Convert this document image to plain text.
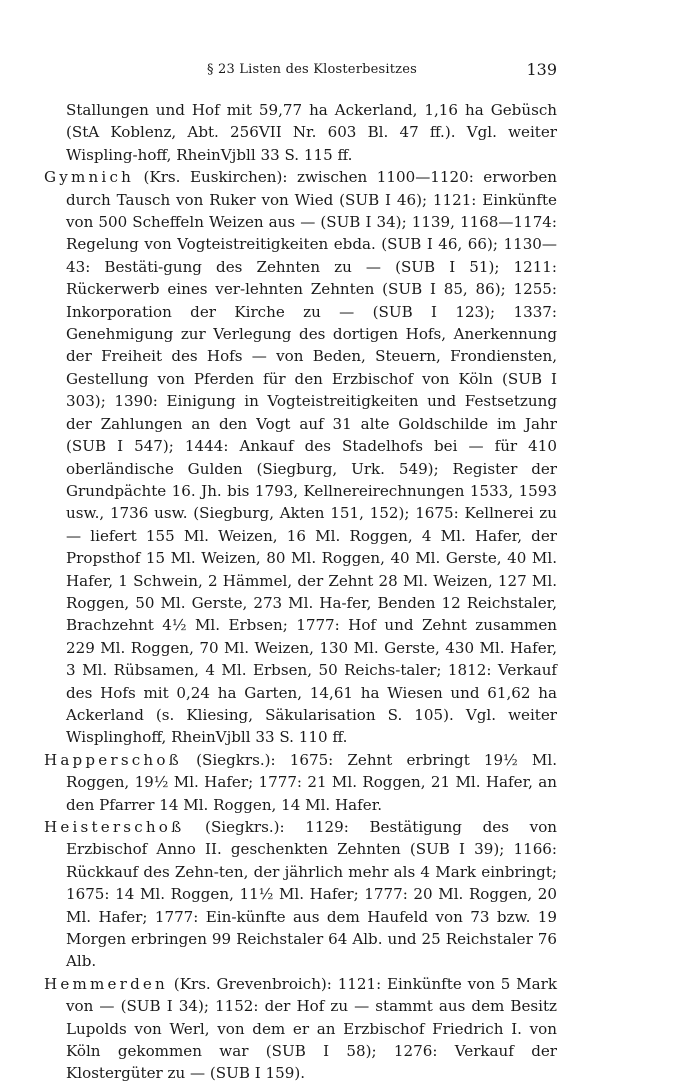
§ 23 Listen des Klosterbesitzes	139

Stallungen und Hof mit 59,77 ha Ackerland, 1,16 ha Gebüsch (StA Koblenz, Abt. 256VII Nr. 603 Bl. 47 ff.). Vgl. weiter Wispling-hoff, RheinVjbll 33 S. 115 ff.

Gymnich (Krs. Euskirchen): zwischen 1100—1120: erworben durch Tausch von Ruker von Wied (SUB I 46); 1121: Einkünfte von 500 Scheffeln Weizen aus — (SUB I 34); 1139, 1168—1174: Regelung von Vogteistreitigkeiten ebda. (SUB I 46, 66); 1130—43: Bestäti-gung des Zehnten zu — (SUB I 51); 1211: Rückerwerb eines ver-lehnten Zehnten (SUB I 85, 86); 1255: Inkorporation der Kirche zu — (SUB I 123); 1337: Genehmigung zur Verlegung des dortigen Hofs, Anerkennung der Freiheit des Hofs — von Beden, Steuern, Frondiensten, Gestellung von Pferden für den Erzbischof von Köln (SUB I 303); 1390: Einigung in Vogteistreitigkeiten und Festsetzung der Zahlungen an den Vogt auf 31 alte Goldschilde im Jahr (SUB I 547); 1444: Ankauf des Stadelhofs bei — für 410 oberländische Gulden (Siegburg, Urk. 549); Register der Grundpächte 16. Jh. bis 1793, Kellnereirechnungen 1533, 1593 usw., 1736 usw. (Siegburg, Akten 151, 152); 1675: Kellnerei zu — liefert 155 Ml. Weizen, 16 Ml. Roggen, 4 Ml. Hafer, der Propsthof 15 Ml. Weizen, 80 Ml. Roggen, 40 Ml. Gerste, 40 Ml. Hafer, 1 Schwein, 2 Hämmel, der Zehnt 28 Ml. Weizen, 127 Ml. Roggen, 50 Ml. Gerste, 273 Ml. Ha-fer, Benden 12 Reichstaler, Brachzehnt 4½ Ml. Erbsen; 1777: Hof und Zehnt zusammen 229 Ml. Roggen, 70 Ml. Weizen, 130 Ml. Gerste, 430 Ml. Hafer, 3 Ml. Rübsamen, 4 Ml. Erbsen, 50 Reichs-taler; 1812: Verkauf des Hofs mit 0,24 ha Garten, 14,61 ha Wiesen und 61,62 ha Ackerland (s. Kliesing, Säkularisation S. 105). Vgl. weiter Wisplinghoff, RheinVjbll 33 S. 110 ff.

Happerschoß (Siegkrs.): 1675: Zehnt erbringt 19½ Ml. Roggen, 19½ Ml. Hafer; 1777: 21 Ml. Roggen, 21 Ml. Hafer, an den Pfarrer 14 Ml. Roggen, 14 Ml. Hafer.

Heisterschoß (Siegkrs.): 1129: Bestätigung des von Erzbischof Anno II. geschenkten Zehnten (SUB I 39); 1166: Rückkauf des Zehn-ten, der jährlich mehr als 4 Mark einbringt; 1675: 14 Ml. Roggen, 11½ Ml. Hafer; 1777: 20 Ml. Roggen, 20 Ml. Hafer; 1777: Ein-künfte aus dem Haufeld von 73 bzw. 19 Morgen erbringen 99 Reichstaler 64 Alb. und 25 Reichstaler 76 Alb.

Hemmerden (Krs. Grevenbroich): 1121: Einkünfte von 5 Mark von — (SUB I 34); 1152: der Hof zu — stammt aus dem Besitz Lupolds von Werl, von dem er an Erzbischof Friedrich I. von Köln gekommen war (SUB I 58); 1276: Verkauf der Klostergüter zu — (SUB I 159).
